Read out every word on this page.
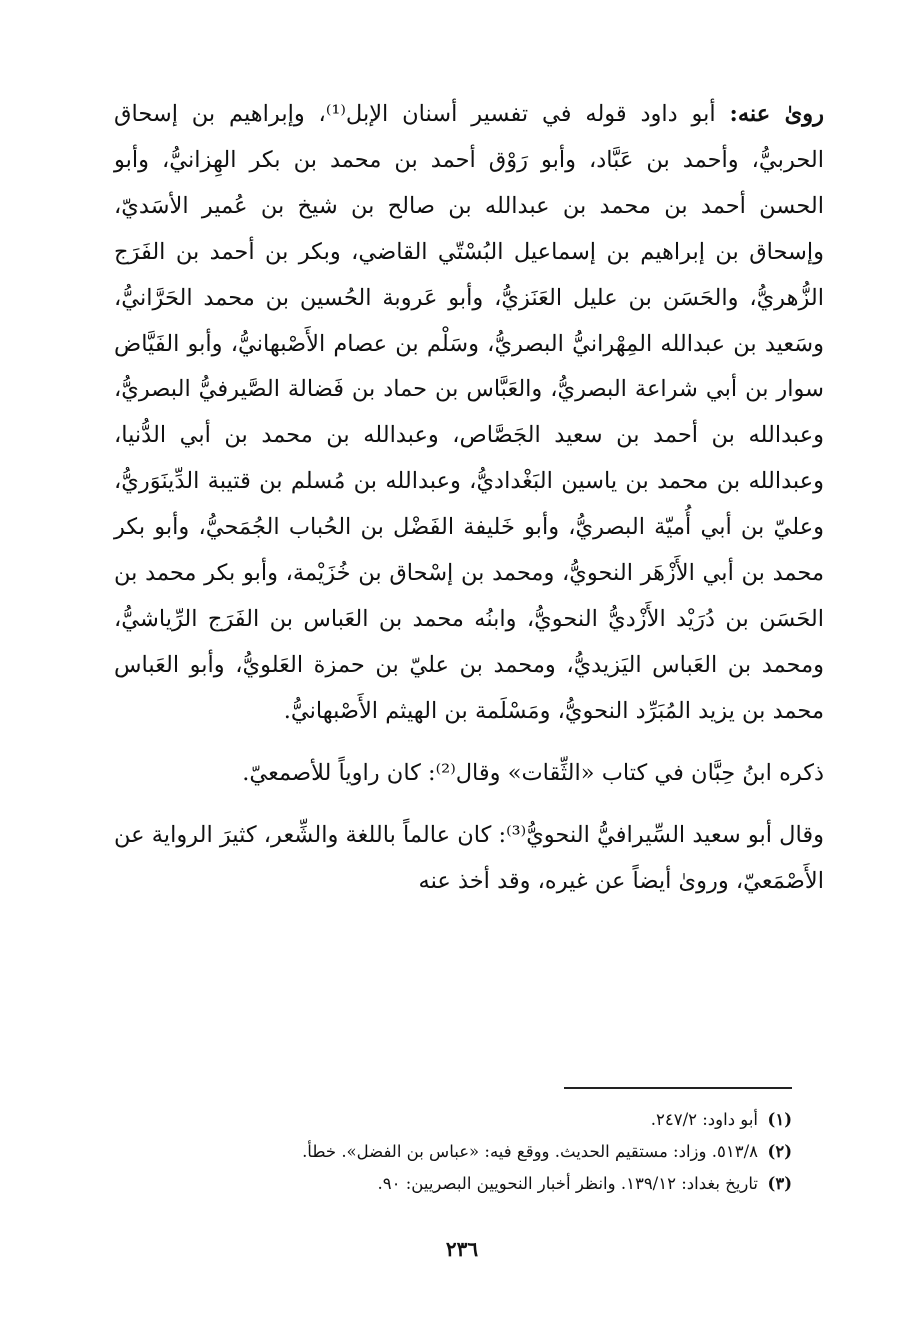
روىٰ عنه: أبو داود قوله في تفسير أسنان الإبل⁽¹⁾، وإبراهيم بن إسحاق الحربيُّ، وأحمد بن عَبَّاد، وأبو رَوْق أحمد بن محمد بن بكر الهِزانيُّ، وأبو الحسن أحمد بن محمد بن عبدالله بن صالح بن شيخ بن عُمير الأسَديّ، وإسحاق بن إبراهيم بن إسماعيل البُسْتّي القاضي، وبكر بن أحمد بن الفَرَج الزُّهريُّ، والحَسَن بن عليل العَنَزيُّ، وأبو عَروبة الحُسين بن محمد الحَرَّانيُّ، وسَعيد بن عبدالله المِهْرانيُّ البصريُّ، وسَلْم بن عصام الأَصْبهانيُّ، وأبو الفَيَّاض سوار بن أبي شراعة البصريُّ، والعَبَّاس بن حماد بن فَضالة الصَّيرفيُّ البصريُّ، وعبدالله بن أحمد بن سعيد الجَصَّاص، وعبدالله بن محمد بن أبي الدُّنيا، وعبدالله بن محمد بن ياسين البَغْداديُّ، وعبدالله بن مُسلم بن قتيبة الدِّينَوَريُّ، وعليّ بن أبي أُميّة البصريُّ، وأبو خَليفة الفَضْل بن الحُباب الجُمَحيُّ، وأبو بكر محمد بن أبي الأَزْهَر النحويُّ، ومحمد بن إسْحاق بن خُزَيْمة، وأبو بكر محمد بن الحَسَن بن دُرَيْد الأَزْديُّ النحويُّ، وابنُه محمد بن العَباس بن الفَرَج الرِّياشيُّ، ومحمد بن العَباس اليَزيديُّ، ومحمد بن عليّ بن حمزة العَلويُّ، وأبو العَباس محمد بن يزيد المُبَرِّد النحويُّ، ومَسْلَمة بن الهيثم الأَصْبهانيُّ.

ذكره ابنُ حِبَّان في كتاب «الثِّقات» وقال⁽²⁾: كان راوياً للأصمعيّ.

وقال أبو سعيد السِّيرافيُّ النحويُّ⁽³⁾: كان عالماً باللغة والشِّعر، كثيرَ الرواية عن الأَصْمَعيّ، وروىٰ أيضاً عن غيره، وقد أخذ عنه

(١)
أبو داود: ٢٤٧/٢.
(٢)
٥١٣/٨. وزاد: مستقيم الحديث. ووقع فيه: «عباس بن الفضل». خطأ.
(٣)
تاريخ بغداد: ١٣٩/١٢. وانظر أخبار النحويين البصريين: ٩٠.
٢٣٦
